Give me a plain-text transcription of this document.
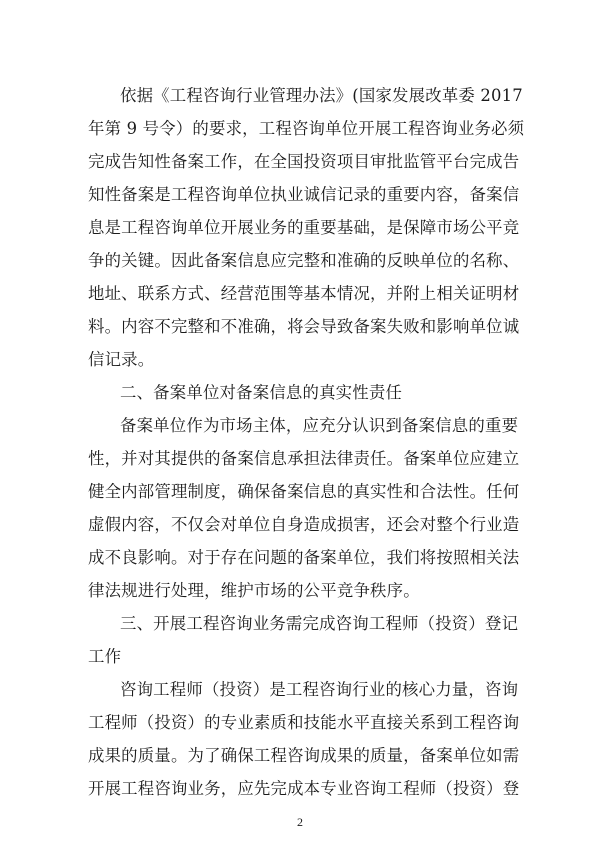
依据《工程咨询行业管理办法》(国家发展改革委 2017
年第 9 号令）的要求，工程咨询单位开展工程咨询业务必须
完成告知性备案工作，在全国投资项目审批监管平台完成告
知性备案是工程咨询单位执业诚信记录的重要内容，备案信
息是工程咨询单位开展业务的重要基础，是保障市场公平竞
争的关键。因此备案信息应完整和准确的反映单位的名称、
地址、联系方式、经营范围等基本情况，并附上相关证明材
料。内容不完整和不准确，将会导致备案失败和影响单位诚
信记录。
二、备案单位对备案信息的真实性责任
备案单位作为市场主体，应充分认识到备案信息的重要
性，并对其提供的备案信息承担法律责任。备案单位应建立
健全内部管理制度，确保备案信息的真实性和合法性。任何
虚假内容，不仅会对单位自身造成损害，还会对整个行业造
成不良影响。对于存在问题的备案单位，我们将按照相关法
律法规进行处理，维护市场的公平竞争秩序。
三、开展工程咨询业务需完成咨询工程师（投资）登记
工作
咨询工程师（投资）是工程咨询行业的核心力量，咨询
工程师（投资）的专业素质和技能水平直接关系到工程咨询
成果的质量。为了确保工程咨询成果的质量，备案单位如需
开展工程咨询业务，应先完成本专业咨询工程师（投资）登
2
